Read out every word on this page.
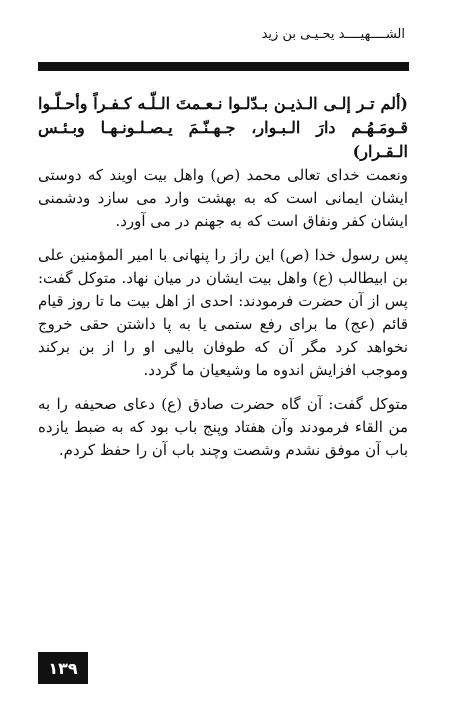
الشــــهيــــد يحـيـى بن زيد

(ألم تـر إلـى الـذيـن بـدّلـوا نـعـمتَ الـلّـه كـفـراً وأحـلّـوا قـومَـهُـم دارَ الـبـوار، جـهـنّـمَ يـصـلـونـهـا وبـئـس الـقـرار)

ونعمت خدای تعالی محمد (ص) واهل بیت اویند كه دوستی ایشان ایمانی است كه به بهشت وارد می سازد ودشمنی ایشان كفر ونفاق است كه به جهنم در می آورد.

پس رسول خدا (ص) این راز را پنهانی با امیر المؤمنین علی بن ابیطالب (ع) واهل بیت ایشان در میان نهاد. متوكل گفت: پس از آن حضرت فرمودند: احدی از اهل بیت ما تا روز قیام قائم (عج) ما برای رفع ستمی یا به پا داشتن حقی خروج نخواهد كرد مگر آن كه طوفان بالیی او را از بن بركند وموجب افزایش اندوه ما وشیعیان ما گردد.

متوكل گفت: آن گاه حضرت صادق (ع) دعای صحیفه را به من القاء فرمودند وآن هفتاد وپنج باب بود كه به ضبط یازده باب آن موفق نشدم وشصت وچند باب آن را حفظ كردم.

١٣٩
